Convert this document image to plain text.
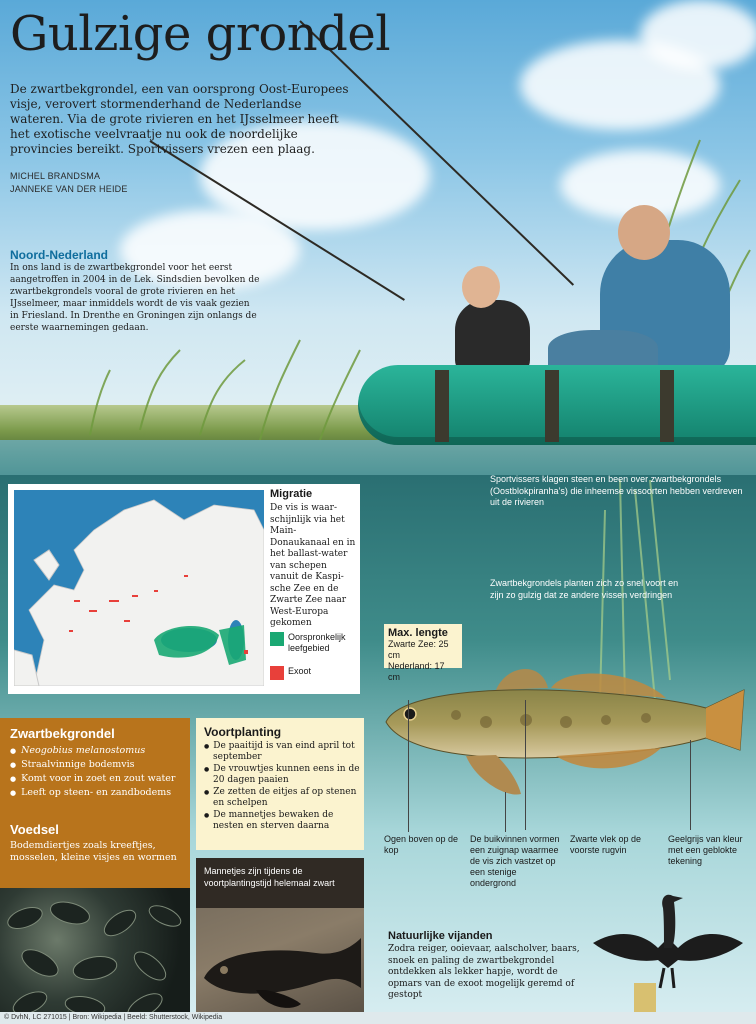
Gulzige grondel

De zwartbekgrondel, een van oorsprong Oost-Europees visje, verovert stormenderhand de Nederlandse wateren. Via de grote rivieren en het IJsselmeer heeft het exotische veelvraatje nu ook de noordelijke provincies bereikt. Sportvissers vrezen een plaag.

MICHEL BRANDSMA
JANNEKE VAN DER HEIDE
Noord-Nederland

In ons land is de zwartbekgrondel voor het eerst aangetroffen in 2004 in de Lek. Sindsdien bevolken de zwartbekgrondels vooral de grote rivieren en het IJsselmeer, maar inmiddels wordt de vis vaak gezien in Friesland. In Drenthe en Groningen zijn onlangs de eerste waarnemingen gedaan.

Migratie

De vis is waar-schijnlijk via het Main-Donaukanaal en in het ballast-water van schepen vanuit de Kaspi-sche Zee en de Zwarte Zee naar West-Europa gekomen

Oorspronkelijk leefgebied
Exoot

Sportvissers klagen steen en been over zwartbekgrondels (Oostblokpiranha’s) die inheemse vissoorten hebben verdreven uit de rivieren

Zwartbekgrondels planten zich zo snel voort en zijn zo gulzig dat ze andere vissen verdringen

Max. lengte
Zwarte Zee: 25 cm
Nederland: 17 cm

Ogen boven op de kop

De buikvinnen vormen een zuignap waarmee de vis zich vastzet op een stenige ondergrond

Zwarte vlek op de voorste rugvin

Geelgrijs van kleur met een geblokte tekening

Zwartbekgrondel
● Neogobius melanostomus
● Straalvinnige bodemvis
● Komt voor in zoet en zout water
● Leeft op steen- en zandbodems
Voedsel

Bodemdiertjes zoals kreeftjes, mosselen, kleine visjes en wormen

Voortplanting
● De paaitijd is van eind april tot september
● De vrouwtjes kunnen eens in de 20 dagen paaien
● Ze zetten de eitjes af op stenen en schelpen
● De mannetjes bewaken de nesten en sterven daarna

Mannetjes zijn tijdens de voortplantingstijd helemaal zwart

Natuurlijke vijanden

Zodra reiger, ooievaar, aalscholver, baars, snoek en paling de zwartbekgrondel ontdekken als lekker hapje, wordt de opmars van de exoot mogelijk geremd of gestopt

© DvhN, LC 271015 | Bron: Wikipedia | Beeld: Shutterstock, Wikipedia
